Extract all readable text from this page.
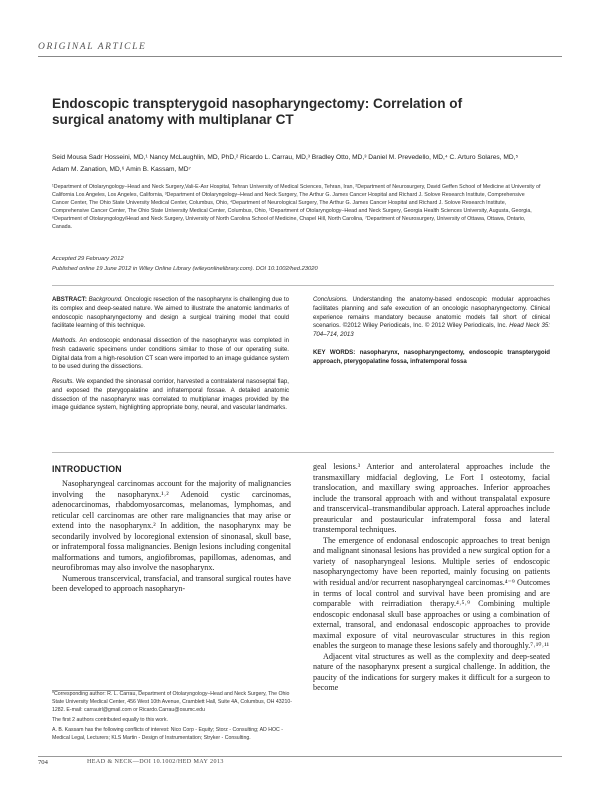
ORIGINAL ARTICLE
Endoscopic transpterygoid nasopharyngectomy: Correlation of surgical anatomy with multiplanar CT
Seid Mousa Sadr Hosseini, MD,¹ Nancy McLaughlin, MD, PhD,² Ricardo L. Carrau, MD,³ Bradley Otto, MD,³ Daniel M. Prevedello, MD,⁴ C. Arturo Solares, MD,⁵ Adam M. Zanation, MD,⁶ Amin B. Kassam, MD⁷
¹Department of Otolaryngology–Head and Neck Surgery,Vali-E-Asr Hospital, Tehran University of Medical Sciences, Tehran, Iran, ²Department of Neurosurgery, David Geffen School of Medicine at University of California Los Angeles, Los Angeles, California, ³Department of Otolaryngology–Head and Neck Surgery, The Arthur G. James Cancer Hospital and Richard J. Solove Research Institute, Comprehensive Cancer Center, The Ohio State University Medical Center, Columbus, Ohio, ⁴Department of Neurological Surgery, The Arthur G. James Cancer Hospital and Richard J. Solove Research Institute, Comprehensive Cancer Center, The Ohio State University Medical Center, Columbus, Ohio, ⁵Department of Otolaryngology–Head and Neck Surgery, Georgia Health Sciences University, Augusta, Georgia, ⁶Department of Otolaryngology/Head and Neck Surgery, University of North Carolina School of Medicine, Chapel Hill, North Carolina, ⁷Department of Neurosurgery, University of Ottawa, Ottawa, Ontario, Canada.
Accepted 29 February 2012
Published online 19 June 2012 in Wiley Online Library (wileyonlinelibrary.com). DOI 10.1002/hed.23020

ABSTRACT: Background. Oncologic resection of the nasopharynx is challenging due to its complex and deep-seated nature. We aimed to illustrate the anatomic landmarks of endoscopic nasopharyngectomy and design a surgical training model that could facilitate learning of this technique.

Methods. An endoscopic endonasal dissection of the nasopharynx was completed in fresh cadaveric specimens under conditions similar to those of our operating suite. Digital data from a high-resolution CT scan were imported to an image guidance system to be used during the dissections.

Results. We expanded the sinonasal corridor, harvested a contralateral nasoseptal flap, and exposed the pterygopalatine and infratemporal fossae. A detailed anatomic dissection of the nasopharynx was correlated to multiplanar images provided by the image guidance system, highlighting appropriate bony, neural, and vascular landmarks.

Conclusions. Understanding the anatomy-based endoscopic modular approaches facilitates planning and safe execution of an oncologic nasopharyngectomy. Clinical experience remains mandatory because anatomic models fall short of clinical scenarios. ©2012 Wiley Periodicals, Inc. © 2012 Wiley Periodicals, Inc. Head Neck 35: 704–714, 2013

KEY WORDS: nasopharynx, nasopharyngectomy, endoscopic transpterygoid approach, pterygopalatine fossa, infratemporal fossa
INTRODUCTION

Nasopharyngeal carcinomas account for the majority of malignancies involving the nasopharynx.¹˒² Adenoid cystic carcinomas, adenocarcinomas, rhabdomyosarcomas, melanomas, lymphomas, and reticular cell carcinomas are other rare malignancies that may arise or extend into the nasopharynx.² In addition, the nasopharynx may be secondarily involved by locoregional extension of sinonasal, skull base, or infratemporal fossa malignancies. Benign lesions including congenital malformations and tumors, angiofibromas, papillomas, adenomas, and neurofibromas may also involve the nasopharynx.

Numerous transcervical, transfacial, and transoral surgical routes have been developed to approach nasopharyn-

geal lesions.³ Anterior and anterolateral approaches include the transmaxillary midfacial degloving, Le Fort I osteotomy, facial translocation, and maxillary swing approaches. Inferior approaches include the transoral approach with and without transpalatal exposure and transcervical–transmandibular approach. Lateral approaches include preauricular and postauricular infratemporal fossa and lateral transtemporal techniques.

The emergence of endonasal endoscopic approaches to treat benign and malignant sinonasal lesions has provided a new surgical option for a variety of nasopharyngeal lesions. Multiple series of endoscopic nasopharyngectomy have been reported, mainly focusing on patients with residual and/or recurrent nasopharyngeal carcinomas.⁴⁻⁹ Outcomes in terms of local control and survival have been promising and are comparable with reirradiation therapy.⁴˒⁵˒⁹ Combining multiple endoscopic endonasal skull base approaches or using a combination of external, transoral, and endonasal endoscopic approaches to provide maximal exposure of vital neurovascular structures in this region enables the surgeon to manage these lesions safely and thoroughly.⁷˒¹⁰˒¹¹

Adjacent vital structures as well as the complexity and deep-seated nature of the nasopharynx present a surgical challenge. In addition, the paucity of the indications for surgery makes it difficult for a surgeon to become

*Corresponding author: R. L. Carrau, Department of Otolaryngology–Head and Neck Surgery, The Ohio State University Medical Center, 456 West 10th Avenue, Cramblett Hall, Suite 4A, Columbus, OH 43210-1282. E-mail: carrauirl@gmail.com or Ricardo.Carrau@osumc.edu

The first 2 authors contributed equally to this work.

A. B. Kassam has the following conflicts of interest: Nico Corp - Equity; Storz - Consulting; AD HOC - Medical Legal, Lecturers; KLS Martin - Design of Instrumentation; Stryker - Consulting.

704	HEAD & NECK—DOI 10.1002/HED MAY 2013
